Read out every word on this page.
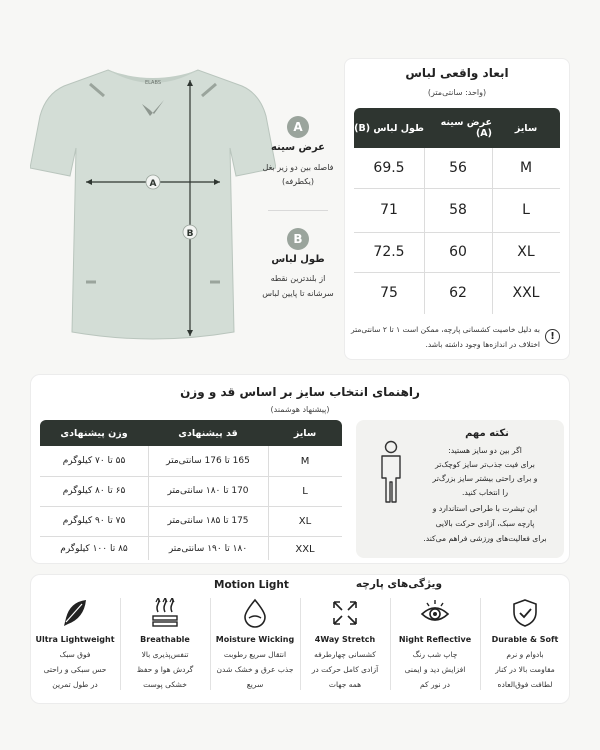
ELABS
A
B
A
عرض سینه
فاصله بین دو زیر بغل
(یکطرفه)
B
طول لباس
از بلندترین نقطه
سرشانه تا پایین لباس
ابعاد واقعی لباس
(واحد: سانتی‌متر)
سایز
عرض سینه (A)
طول لباس (B)
M
56
69.5
L
58
71
XL
60
72.5
XXL
62
75
!
به دلیل خاصیت کشسانی پارچه، ممکن است ۱ تا ۲ سانتی‌متر
اختلاف در اندازه‌ها وجود داشته باشد.
راهنمای انتخاب سایز بر اساس قد و وزن
(پیشنهاد هوشمند)
سایز
قد پیشنهادی
وزن پیشنهادی
M
165 تا 176 سانتی‌متر
۵۵ تا ۷۰ کیلوگرم
L
170 تا ۱۸۰ سانتی‌متر
۶۵ تا ۸۰ کیلوگرم
XL
175 تا ۱۸۵ سانتی‌متر
۷۵ تا ۹۰ کیلوگرم
XXL
۱۸۰ تا ۱۹۰ سانتی‌متر
۸۵ تا ۱۰۰ کیلوگرم
نکته مهم
اگر بین دو سایز هستید:
برای فیت جذب‌تر سایز کوچک‌تر
و برای راحتی بیشتر سایز بزرگ‌تر
را انتخاب کنید.
این تیشرت با طراحی استاندارد و
پارچه سبک، آزادی حرکت بالایی
برای فعالیت‌های ورزشی فراهم می‌کند.
ویژگی‌های پارچه
Motion Light
Durable & Soft
بادوام و نرم
مقاومت بالا در کنار
لطافت فوق‌العاده
Night Reflective
چاپ شب رنگ
افزایش دید و ایمنی
در نور کم
4Way Stretch
کشسانی چهارطرفه
آزادی کامل حرکت در
همه جهات
Moisture Wicking
انتقال سریع رطوبت
جذب عرق و خشک شدن
سریع
Breathable
تنفس‌پذیری بالا
گردش هوا و حفظ
خشکی پوست
Ultra Lightweight
فوق سبک
حس سبکی و راحتی
در طول تمرین
